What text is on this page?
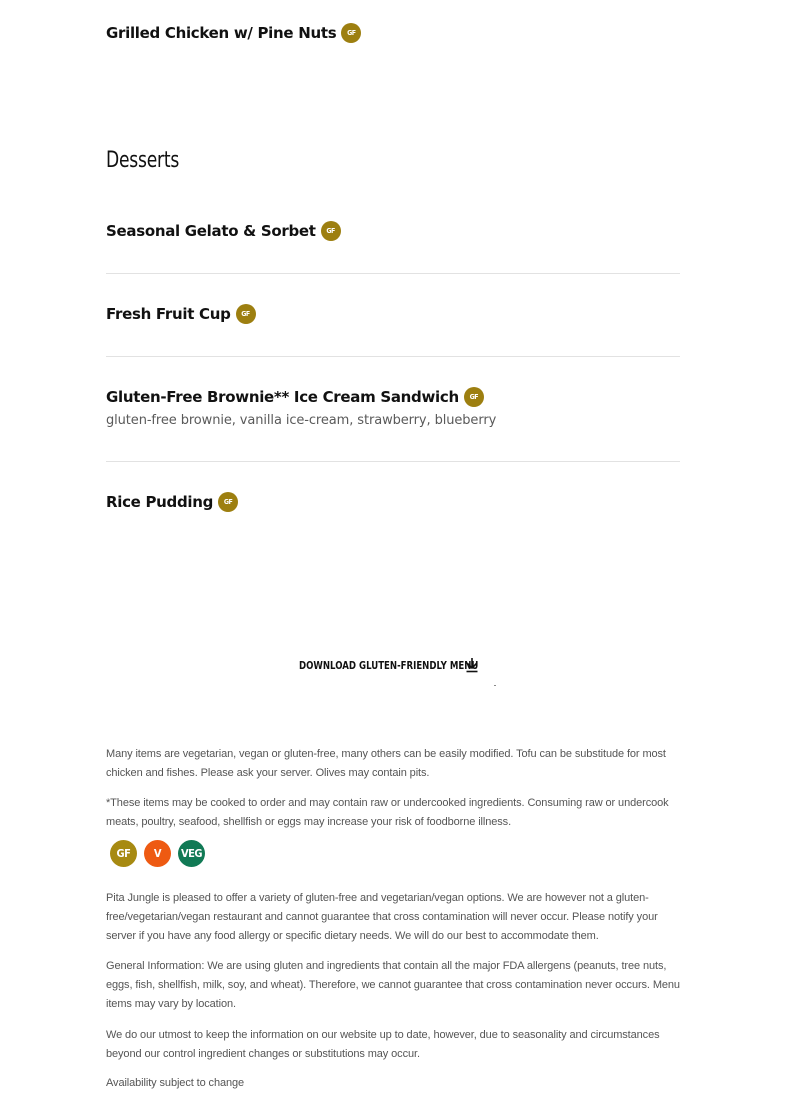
Grilled Chicken w/ Pine Nuts	GF
Desserts
Seasonal Gelato & Sorbet	GF
Fresh Fruit Cup	GF
Gluten-Free Brownie** Ice Cream Sandwich	GF
gluten-free brownie, vanilla ice-cream, strawberry, blueberry
Rice Pudding	GF
DOWNLOAD GLUTEN-FRIENDLY MENU

Many items are vegetarian, vegan or gluten-free, many others can be easily modified. Tofu can be substitude for most chicken and fishes. Please ask your server. Olives may contain pits.

*These items may be cooked to order and may contain raw or undercooked ingredients. Consuming raw or undercook meats, poultry, seafood, shellfish or eggs may increase your risk of foodborne illness.

GF	V	VEG

Pita Jungle is pleased to offer a variety of gluten-free and vegetarian/vegan options. We are however not a gluten-free/vegetarian/vegan restaurant and cannot guarantee that cross contamination will never occur. Please notify your server if you have any food allergy or specific dietary needs. We will do our best to accommodate them.

General Information: We are using gluten and ingredients that contain all the major FDA allergens (peanuts, tree nuts, eggs, fish, shellfish, milk, soy, and wheat). Therefore, we cannot guarantee that cross contamination never occurs. Menu items may vary by location.

We do our utmost to keep the information on our website up to date, however, due to seasonality and circumstances beyond our control ingredient changes or substitutions may occur.

Availability subject to change
